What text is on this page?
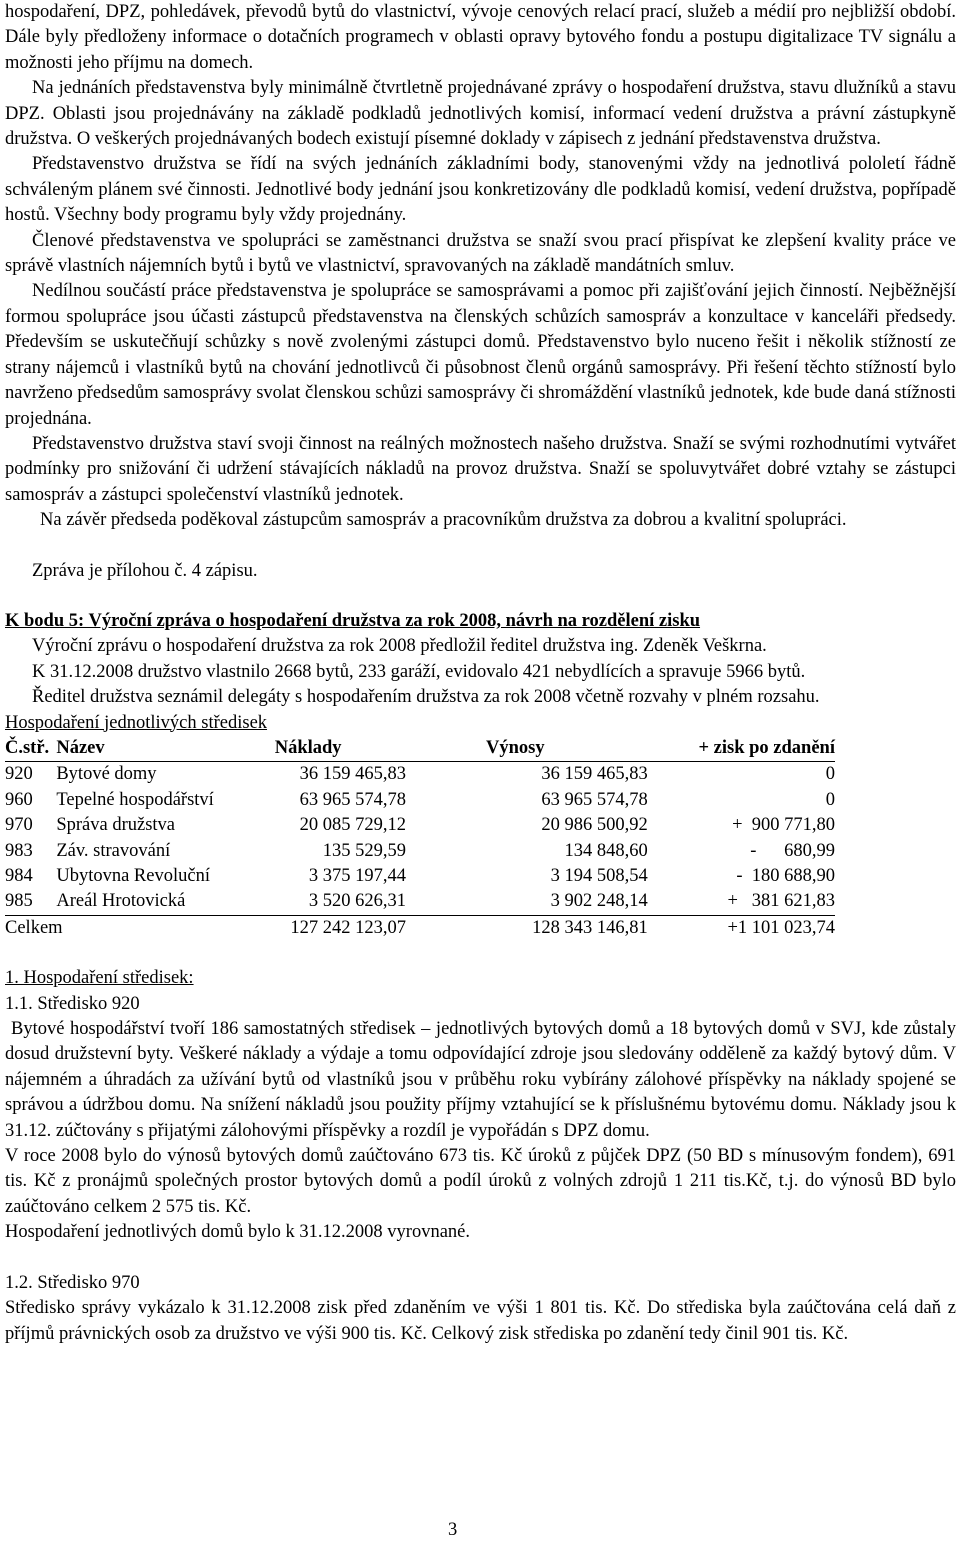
hospodaření, DPZ, pohledávek, převodů bytů do vlastnictví, vývoje cenových relací prací, služeb a médií pro nejbližší období. Dále byly předloženy informace o dotačních programech v oblasti opravy bytového fondu a postupu digitalizace TV signálu a možnosti jeho příjmu na domech.

Na jednáních představenstva byly minimálně čtvrtletně projednávané zprávy o hospodaření družstva, stavu dlužníků a stavu DPZ. Oblasti jsou projednávány na základě podkladů jednotlivých komisí, informací vedení družstva a právní zástupkyně družstva. O veškerých projednávaných bodech existují písemné doklady v zápisech z jednání představenstva družstva.

Představenstvo družstva se řídí na svých jednáních základními body, stanovenými vždy na jednotlivá pololetí řádně schváleným plánem své činnosti. Jednotlivé body jednání jsou konkretizovány dle podkladů komisí, vedení družstva, popřípadě hostů. Všechny body programu byly vždy projednány.

Členové představenstva ve spolupráci se zaměstnanci družstva se snaží svou prací přispívat ke zlepšení kvality práce ve správě vlastních nájemních bytů i bytů ve vlastnictví, spravovaných na základě mandátních smluv.

Nedílnou součástí práce představenstva je spolupráce se samosprávami a pomoc při zajišťování jejich činností. Nejběžnější formou spolupráce jsou účasti zástupců představenstva na členských schůzích samospráv a konzultace v kanceláři předsedy. Především se uskutečňují schůzky s nově zvolenými zástupci domů. Představenstvo bylo nuceno řešit i několik stížností ze strany nájemců i vlastníků bytů na chování jednotlivců či působnost členů orgánů samosprávy. Při řešení těchto stížností bylo navrženo předsedům samosprávy svolat členskou schůzi samosprávy či shromáždění vlastníků jednotek, kde bude daná stížnosti projednána.

Představenstvo družstva staví svoji činnost na reálných možnostech našeho družstva. Snaží se svými rozhodnutími vytvářet podmínky pro snižování či udržení stávajících nákladů na provoz družstva. Snaží se spoluvytvářet dobré vztahy se zástupci samospráv a zástupci společenství vlastníků jednotek.

Na závěr předseda poděkoval zástupcům samospráv a pracovníkům družstva za dobrou a kvalitní spolupráci.

Zpráva je přílohou č. 4 zápisu.

K bodu 5: Výroční zpráva o hospodaření družstva za rok 2008, návrh na rozdělení zisku

Výroční zprávu o hospodaření družstva za rok 2008 předložil ředitel družstva ing. Zdeněk Veškrna.

K 31.12.2008 družstvo vlastnilo 2668 bytů, 233 garáží, evidovalo 421 nebydlících a spravuje 5966 bytů.

Ředitel družstva seznámil delegáty s hospodařením družstva za rok 2008 včetně rozvahy v plném rozsahu.

Hospodaření jednotlivých středisek

Č.stř.	Název	Náklady	Výnosy	+ zisk po zdanění
920	Bytové domy	36 159 465,83	36 159 465,83	0
960	Tepelné hospodářství	63 965 574,78	63 965 574,78	0
970	Správa družstva	20 085 729,12	20 986 500,92	+  900 771,80
983	Záv. stravování	135 529,59	134 848,60	-      680,99
984	Ubytovna Revoluční	3 375 197,44	3 194 508,54	-  180 688,90
985	Areál Hrotovická	3 520 626,31	3 902 248,14	+   381 621,83
Celkem		127 242 123,07	128 343 146,81	+1 101 023,74

1. Hospodaření středisek:

1.1. Středisko 920

Bytové hospodářství tvoří 186 samostatných středisek – jednotlivých bytových domů a 18 bytových domů v SVJ, kde zůstaly dosud družstevní byty. Veškeré náklady a výdaje a tomu odpovídající zdroje jsou sledovány odděleně za každý bytový dům. V nájemném a úhradách za užívání bytů od vlastníků jsou v průběhu roku vybírány zálohové příspěvky na náklady spojené se správou a údržbou domu. Na snížení nákladů jsou použity příjmy vztahující se k příslušnému bytovému domu. Náklady jsou k 31.12. zúčtovány s přijatými zálohovými příspěvky a rozdíl je vypořádán s DPZ domu.

V roce 2008 bylo do výnosů bytových domů zaúčtováno 673 tis. Kč úroků z půjček DPZ (50 BD s mínusovým fondem), 691 tis. Kč z pronájmů společných prostor bytových domů a podíl úroků z volných zdrojů 1 211 tis.Kč, t.j. do výnosů BD bylo zaúčtováno celkem 2 575 tis. Kč.

Hospodaření jednotlivých domů bylo k 31.12.2008 vyrovnané.

1.2. Středisko 970

Středisko správy vykázalo k 31.12.2008 zisk před zdaněním ve výši 1 801 tis. Kč. Do střediska byla zaúčtována celá daň z příjmů právnických osob za družstvo ve výši 900 tis. Kč. Celkový zisk střediska po zdanění tedy činil 901 tis. Kč.

3
